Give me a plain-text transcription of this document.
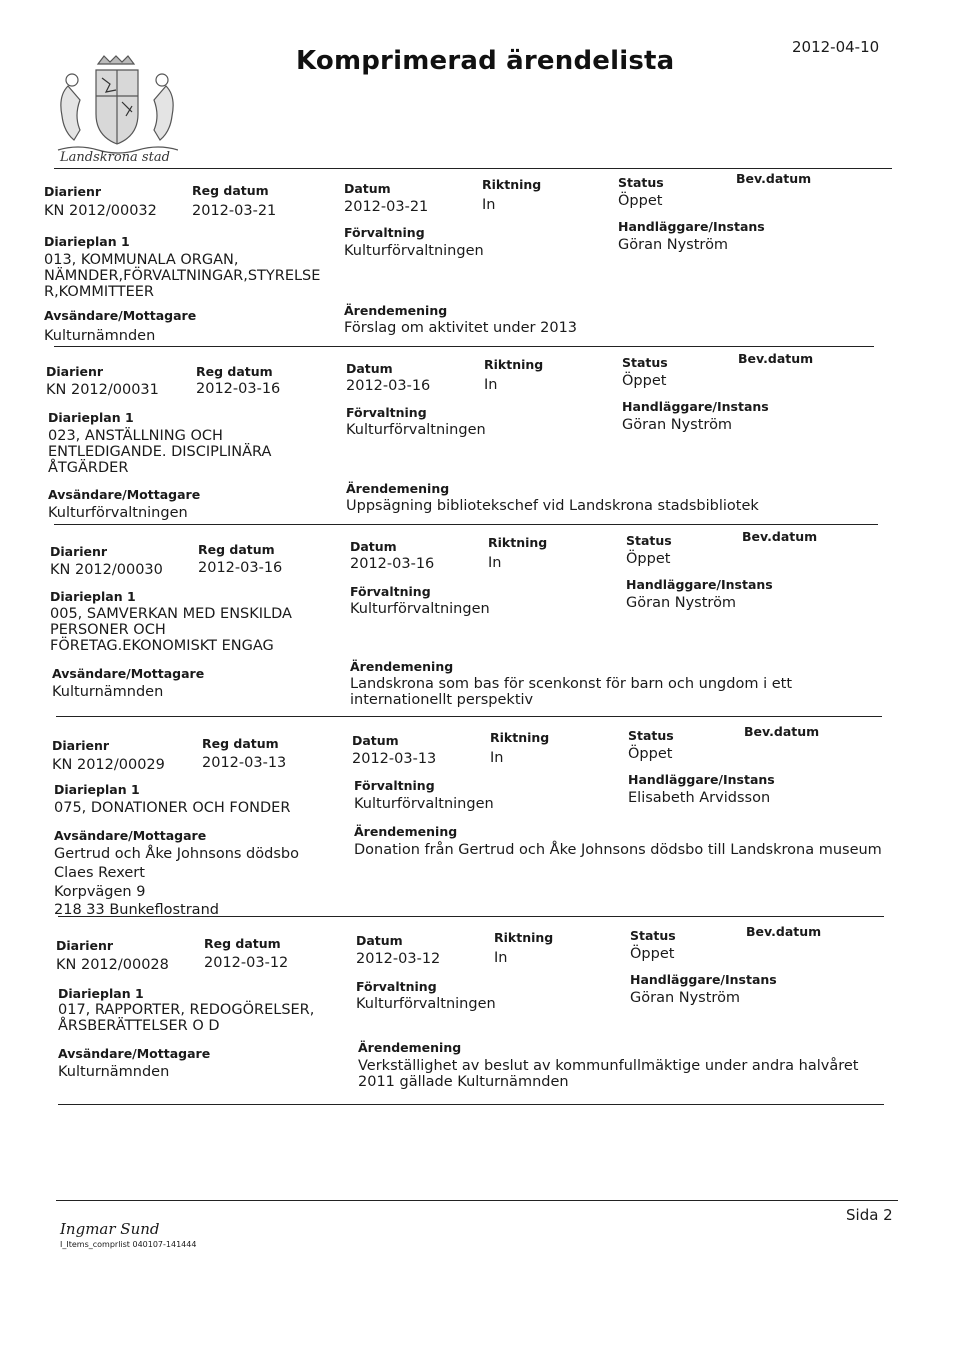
Landskrona stad
Komprimerad ärendelista	2012-04-10
Diarienr
KN 2012/00032
Reg datum
2012-03-21
Datum
2012-03-21
Riktning
In
Status
Öppet
Bev.datum
Diarieplan 1
013, KOMMUNALA ORGAN, NÄMNDER,FÖRVALTNINGAR,STYRELSE R,KOMMITTEER
Förvaltning
Kulturförvaltningen
Handläggare/Instans
Göran Nyström
Avsändare/Mottagare
Kulturnämnden
Ärendemening
Förslag om aktivitet under 2013
Diarienr
KN 2012/00031
Reg datum
2012-03-16
Datum
2012-03-16
Riktning
In
Status
Öppet
Bev.datum
Diarieplan 1
023, ANSTÄLLNING OCH ENTLEDIGANDE. DISCIPLINÄRA ÅTGÄRDER
Förvaltning
Kulturförvaltningen
Handläggare/Instans
Göran Nyström
Avsändare/Mottagare
Kulturförvaltningen
Ärendemening
Uppsägning bibliotekschef vid Landskrona stadsbibliotek
Diarienr
KN 2012/00030
Reg datum
2012-03-16
Datum
2012-03-16
Riktning
In
Status
Öppet
Bev.datum
Diarieplan 1
005, SAMVERKAN MED ENSKILDA PERSONER OCH FÖRETAG.EKONOMISKT ENGAG
Förvaltning
Kulturförvaltningen
Handläggare/Instans
Göran Nyström
Avsändare/Mottagare
Kulturnämnden
Ärendemening
Landskrona som bas för scenkonst för barn och ungdom i ett internationellt perspektiv
Diarienr
KN 2012/00029
Reg datum
2012-03-13
Datum
2012-03-13
Riktning
In
Status
Öppet
Bev.datum
Diarieplan 1
075, DONATIONER OCH FONDER
Förvaltning
Kulturförvaltningen
Handläggare/Instans
Elisabeth Arvidsson
Avsändare/Mottagare
Gertrud och Åke Johnsons dödsbo
Claes Rexert
Korpvägen 9
218 33 Bunkeflostrand
Ärendemening
Donation från Gertrud och Åke Johnsons dödsbo till Landskrona museum
Diarienr
KN 2012/00028
Reg datum
2012-03-12
Datum
2012-03-12
Riktning
In
Status
Öppet
Bev.datum
Diarieplan 1
017, RAPPORTER, REDOGÖRELSER, ÅRSBERÄTTELSER O D
Förvaltning
Kulturförvaltningen
Handläggare/Instans
Göran Nyström
Avsändare/Mottagare
Kulturnämnden
Ärendemening
Verkställighet av beslut av kommunfullmäktige under andra halvåret 2011 gällade Kulturnämnden
Ingmar Sund
I_Items_comprlist 040107-141444
Sida 2
